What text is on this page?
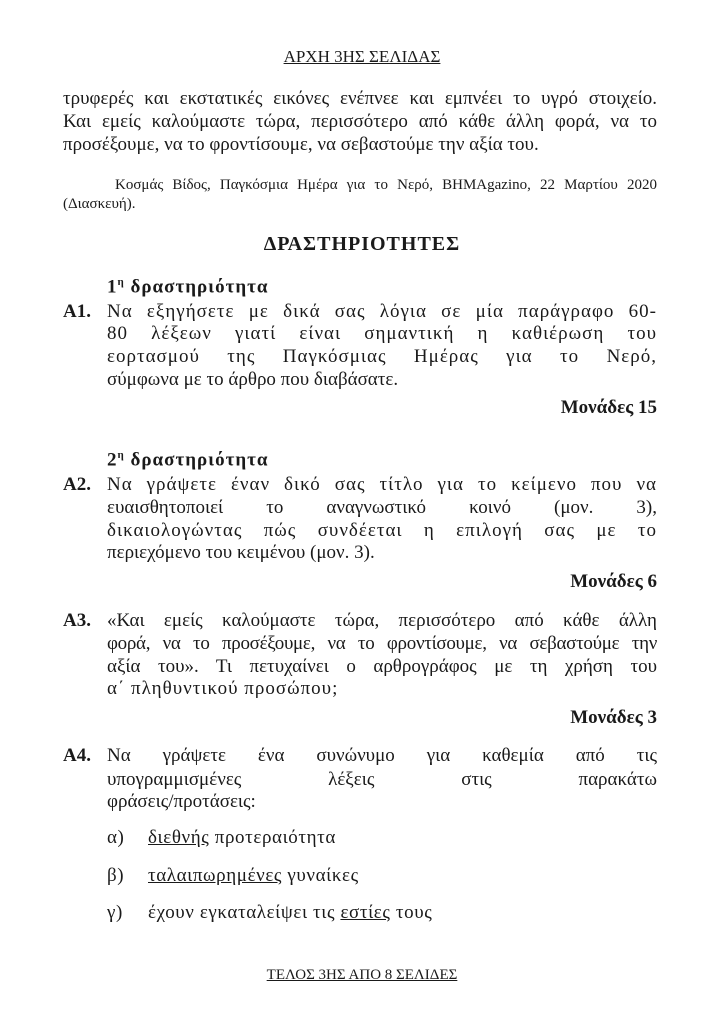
ΑΡΧΗ 3ΗΣ ΣΕΛΙΔΑΣ
τρυφερές και εκστατικές εικόνες ενέπνεε και εμπνέει το υγρό στοιχείο.
Και εμείς καλούμαστε τώρα, περισσότερο από κάθε άλλη φορά, να το
προσέξουμε, να το φροντίσουμε, να σεβαστούμε την αξία του.
Κοσμάς Βίδος, Παγκόσμια Ημέρα για το Νερό, BHMAgazino, 22 Μαρτίου 2020
(Διασκευή).
ΔΡΑΣΤΗΡΙΟΤΗΤΕΣ
$1^\eta$ δραστηριότητα
Α1. Να εξηγήσετε με δικά σας λόγια σε μία παράγραφο 60-
80 λέξεων γιατί είναι σημαντική η καθιέρωση του
εορτασμού της Παγκόσμιας Ημέρας για το Νερό,
σύμφωνα με το άρθρο που διαβάσατε.
Μονάδες 15
$2^\eta$ δραστηριότητα
Α2. Να γράψετε έναν δικό σας τίτλο για το κείμενο που να
ευαισθητοποιεί το αναγνωστικό κοινό (μον. 3),
δικαιολογώντας πώς συνδέεται η επιλογή σας με το
περιεχόμενο του κειμένου (μον. 3).
Μονάδες 6
Α3. «Και εμείς καλούμαστε τώρα, περισσότερο από κάθε άλλη
φορά, να το προσέξουμε, να το φροντίσουμε, να σεβαστούμε την
αξία του». Τι πετυχαίνει ο αρθρογράφος με τη χρήση του
α΄ πληθυντικού προσώπου;
Μονάδες 3
Α4. Να γράψετε ένα συνώνυμο για καθεμία από τις
υπογραμμισμένες λέξεις στις παρακάτω
φράσεις/προτάσεις:
α) διεθνής προτεραιότητα
β) ταλαιπωρημένες γυναίκες
γ) έχουν εγκαταλείψει τις εστίες τους
ΤΕΛΟΣ 3ΗΣ ΑΠΟ 8 ΣΕΛΙΔΕΣ
